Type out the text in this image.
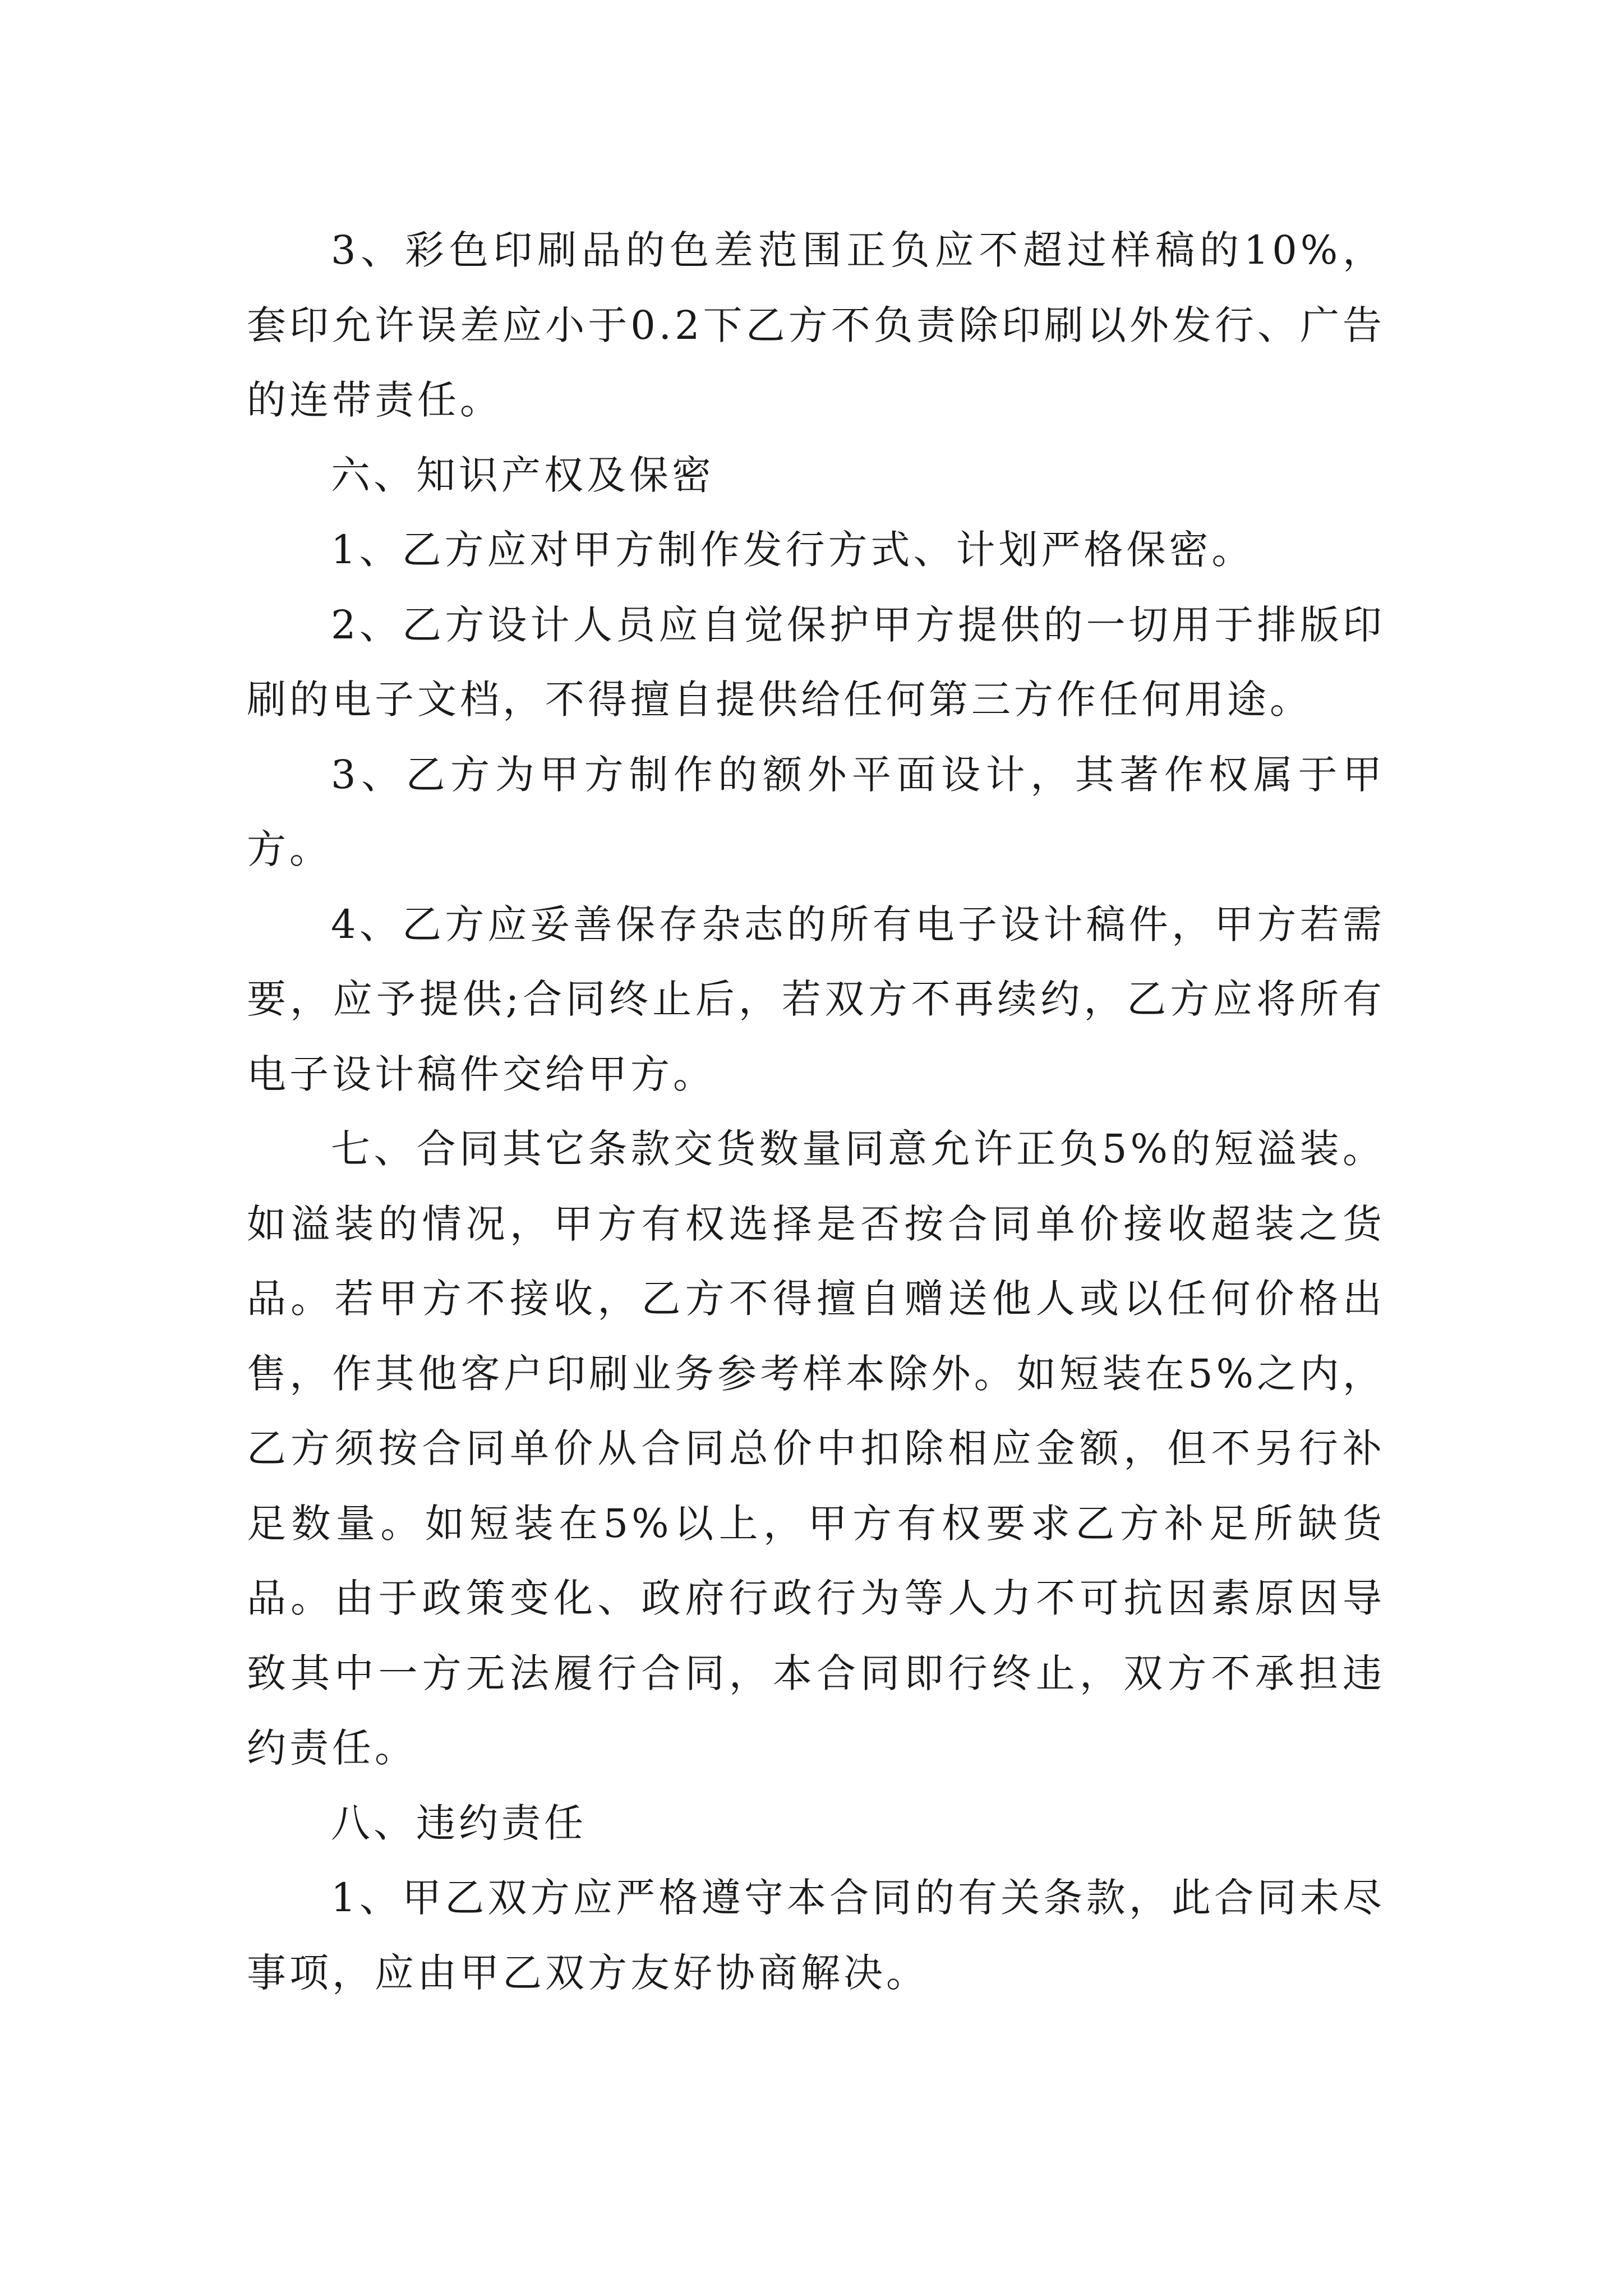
3、彩色印刷品的色差范围正负应不超过样稿的10%，套印允许误差应小于0.2下乙方不负责除印刷以外发行、广告的连带责任。

六、知识产权及保密

1、乙方应对甲方制作发行方式、计划严格保密。

2、乙方设计人员应自觉保护甲方提供的一切用于排版印刷的电子文档，不得擅自提供给任何第三方作任何用途。

3、乙方为甲方制作的额外平面设计，其著作权属于甲方。

4、乙方应妥善保存杂志的所有电子设计稿件，甲方若需要，应予提供;合同终止后，若双方不再续约，乙方应将所有电子设计稿件交给甲方。

七、合同其它条款交货数量同意允许正负5%的短溢装。如溢装的情况，甲方有权选择是否按合同单价接收超装之货品。若甲方不接收，乙方不得擅自赠送他人或以任何价格出售，作其他客户印刷业务参考样本除外。如短装在5%之内，乙方须按合同单价从合同总价中扣除相应金额，但不另行补足数量。如短装在5%以上，甲方有权要求乙方补足所缺货品。由于政策变化、政府行政行为等人力不可抗因素原因导致其中一方无法履行合同，本合同即行终止，双方不承担违约责任。

八、违约责任

1、甲乙双方应严格遵守本合同的有关条款，此合同未尽事项，应由甲乙双方友好协商解决。
